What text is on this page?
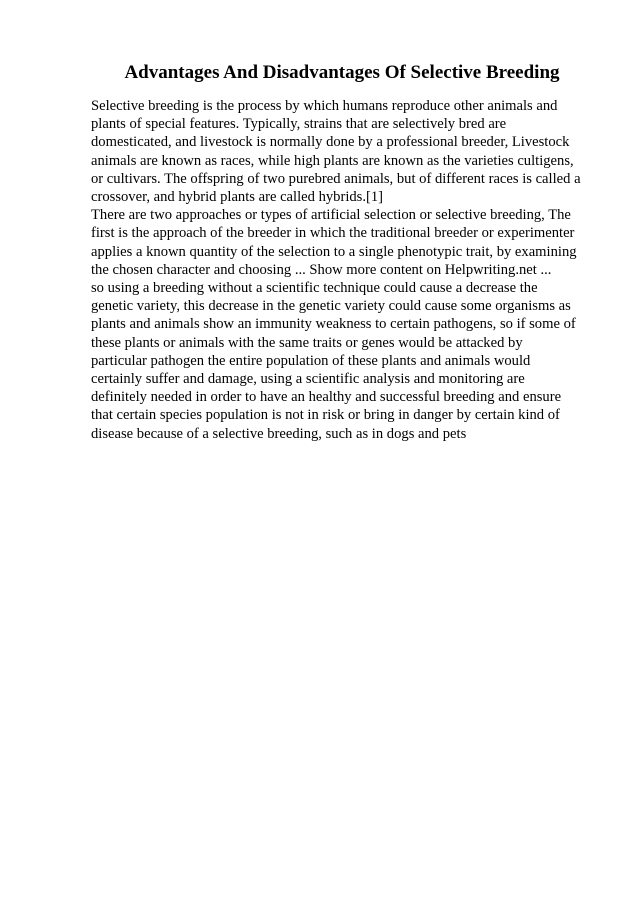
Advantages And Disadvantages Of Selective Breeding
Selective breeding is the process by which humans reproduce other animals and
plants of special features. Typically, strains that are selectively bred are
domesticated, and livestock is normally done by a professional breeder, Livestock
animals are known as races, while high plants are known as the varieties cultigens,
or cultivars. The offspring of two purebred animals, but of different races is called a
crossover, and hybrid plants are called hybrids.[1]
There are two approaches or types of artificial selection or selective breeding, The
first is the approach of the breeder in which the traditional breeder or experimenter
applies a known quantity of the selection to a single phenotypic trait, by examining
the chosen character and choosing ... Show more content on Helpwriting.net ...
so using a breeding without a scientific technique could cause a decrease the
genetic variety, this decrease in the genetic variety could cause some organisms as
plants and animals show an immunity weakness to certain pathogens, so if some of
these plants or animals with the same traits or genes would be attacked by
particular pathogen the entire population of these plants and animals would
certainly suffer and damage, using a scientific analysis and monitoring are
definitely needed in order to have an healthy and successful breeding and ensure
that certain species population is not in risk or bring in danger by certain kind of
disease because of a selective breeding, such as in dogs and pets
